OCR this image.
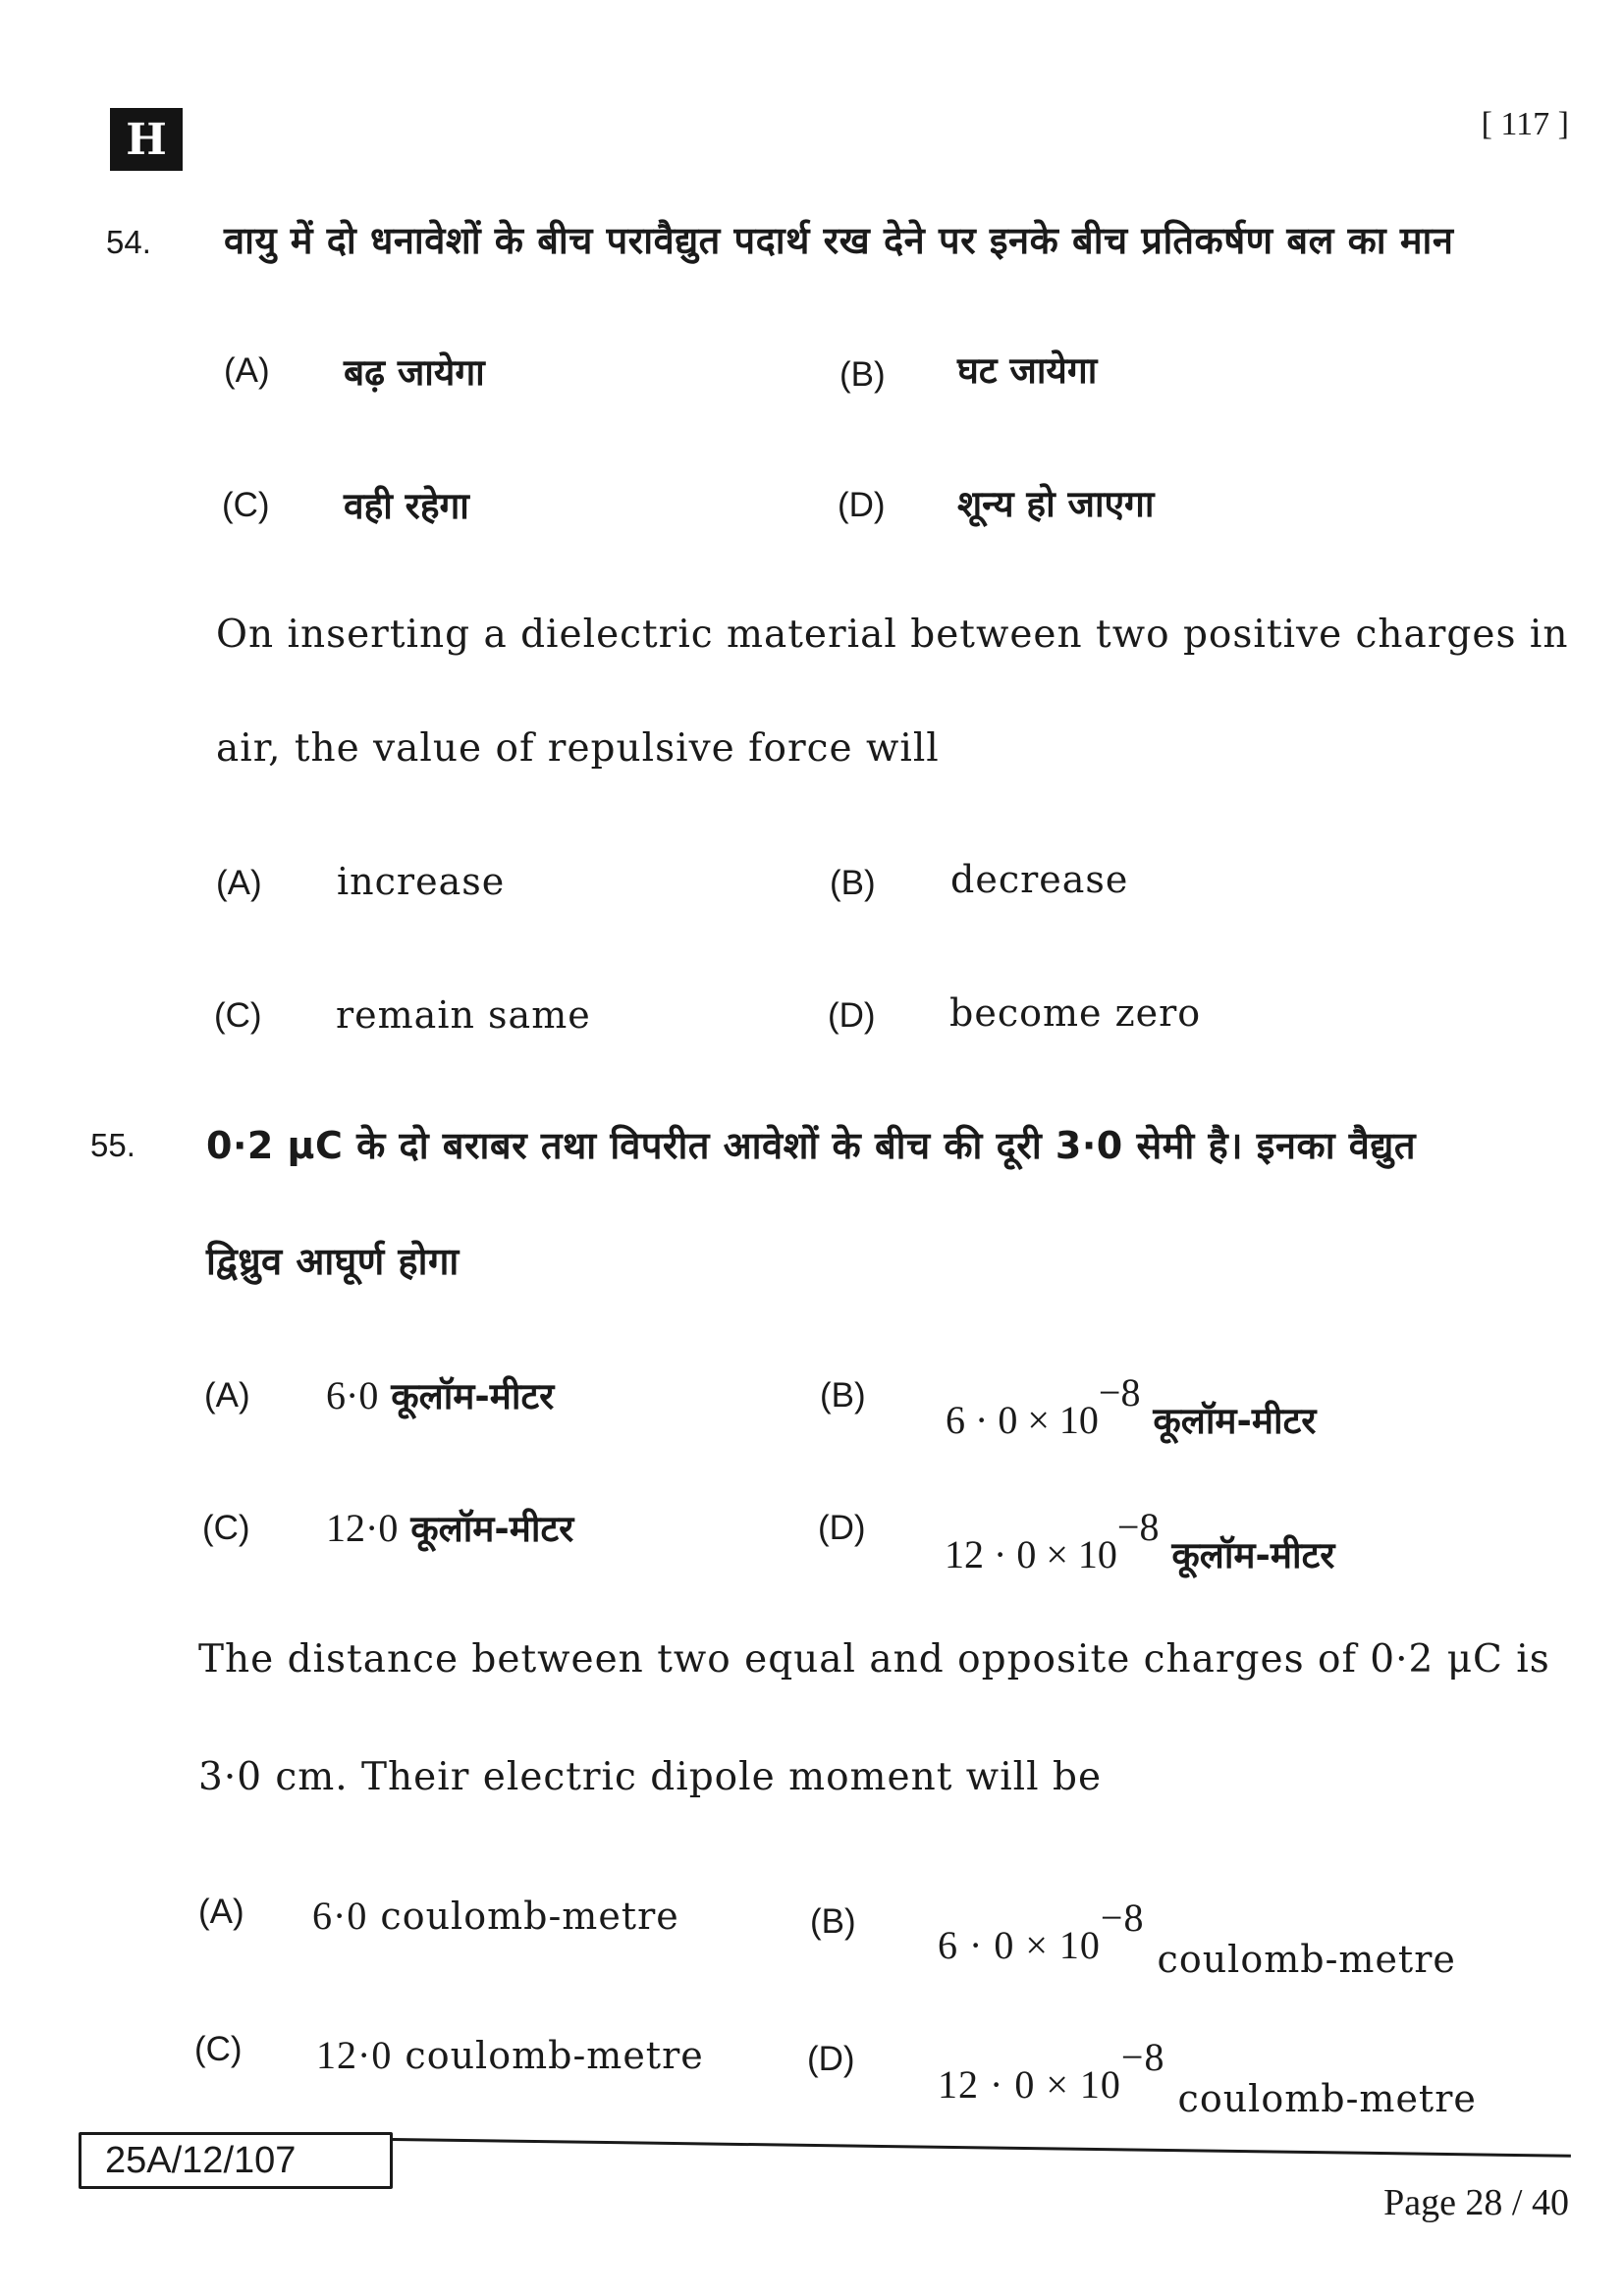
H	[ 117 ]
54. वायु में दो धनावेशों के बीच परावैद्युत पदार्थ रख देने पर इनके बीच प्रतिकर्षण बल का मान
(A) बढ़ जायेगा	(B) घट जायेगा
(C) वही रहेगा	(D) शून्य हो जाएगा
On inserting a dielectric material between two positive charges in
air, the value of repulsive force will
(A) increase	(B) decrease
(C) remain same	(D) become zero
55. 0·2 μC के दो बराबर तथा विपरीत आवेशों के बीच की दूरी 3·0 सेमी है। इनका वैद्युत
द्विध्रुव आघूर्ण होगा
(A) 6·0 कूलॉम-मीटर	(B)
$6 \cdot 0 \times 10^{-8}$ कूलॉम-मीटर
(C) 12·0 कूलॉम-मीटर	(D)
$12 \cdot 0 \times 10^{-8}$ कूलॉम-मीटर
The distance between two equal and opposite charges of 0·2 μC is
3·0 cm. Their electric dipole moment will be
(A) 6·0 coulomb-metre	(B)
$6 \cdot 0 \times 10^{-8}$ coulomb-metre
(C) 12·0 coulomb-metre	(D)
$12 \cdot 0 \times 10^{-8}$ coulomb-metre
25A/12/107
Page 28 / 40
